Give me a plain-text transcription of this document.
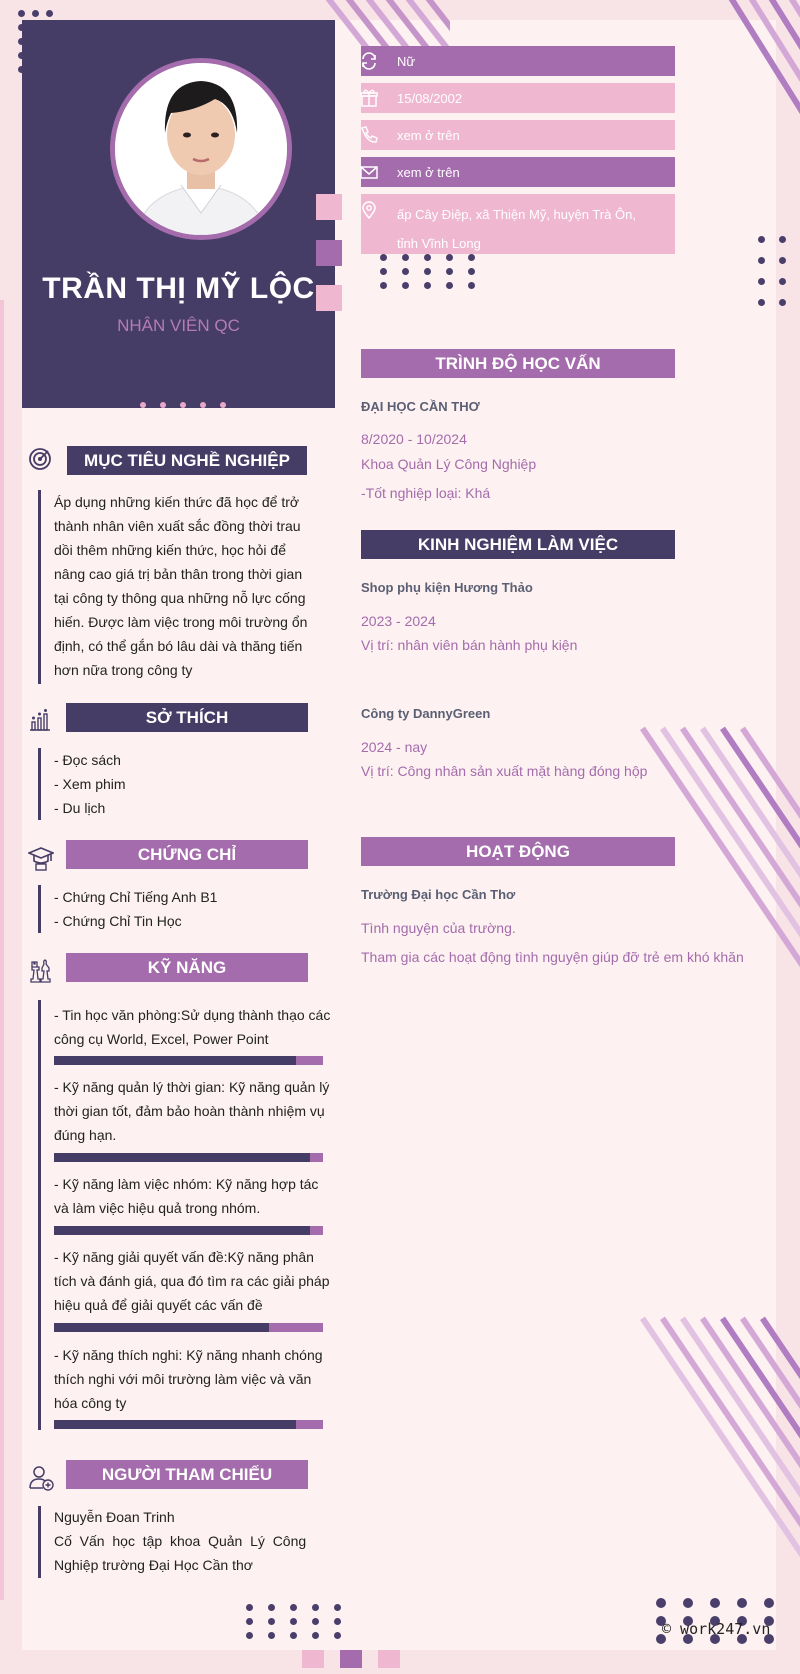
TRẦN THỊ MỸ LỘC
NHÂN VIÊN QC
Nữ
15/08/2002
xem ở trên
xem ở trên
ấp Cây Điệp, xã Thiện Mỹ, huyện Trà Ôn,
tỉnh Vĩnh Long
MỤC TIÊU NGHỀ NGHIỆP
Áp dụng những kiến thức đã học để trở
thành nhân viên xuất sắc đồng thời trau
dồi thêm những kiến thức, học hỏi để
nâng cao giá trị bản thân trong thời gian
tại công ty thông qua những nỗ lực cống
hiến. Được làm việc trong môi trường ổn
định, có thể gắn bó lâu dài và thăng tiến
hơn nữa trong công ty
SỞ THÍCH
- Đọc sách
- Xem phim
- Du lịch
CHỨNG CHỈ
- Chứng Chỉ Tiếng Anh B1
- Chứng Chỉ Tin Học
KỸ NĂNG
- Tin học văn phòng:Sử dụng thành thạo các
công cụ World, Excel, Power Point
- Kỹ năng quản lý thời gian: Kỹ năng quản lý
thời gian tốt, đảm bảo hoàn thành nhiệm vụ
đúng hạn.
- Kỹ năng làm việc nhóm: Kỹ năng hợp tác
và làm việc hiệu quả trong nhóm.
- Kỹ năng giải quyết vấn đề:Kỹ năng phân
tích và đánh giá, qua đó tìm ra các giải pháp
hiệu quả để giải quyết các vấn đề
- Kỹ năng thích nghi: Kỹ năng nhanh chóng
thích nghi với môi trường làm việc và văn
hóa công ty
NGƯỜI THAM CHIẾU
Nguyễn Đoan Trinh
Cố  Vấn  học  tập  khoa  Quản  Lý  Công
Nghiệp trường Đại Học Cần thơ
TRÌNH ĐỘ HỌC VẤN
ĐẠI HỌC CẦN THƠ
8/2020 - 10/2024
Khoa Quản Lý Công Nghiệp
-Tốt nghiệp loại: Khá
KINH NGHIỆM LÀM VIỆC
Shop phụ kiện Hương Thảo
2023 - 2024
Vị trí: nhân viên bán hành phụ kiện
Công ty DannyGreen
2024 - nay
Vị trí: Công nhân sản xuất mặt hàng đóng hộp
HOẠT ĐỘNG
Trường Đại học Cần Thơ
Tình nguyện của trường.
Tham gia các hoạt động tình nguyện giúp đỡ trẻ em khó khăn
© work247.vn
